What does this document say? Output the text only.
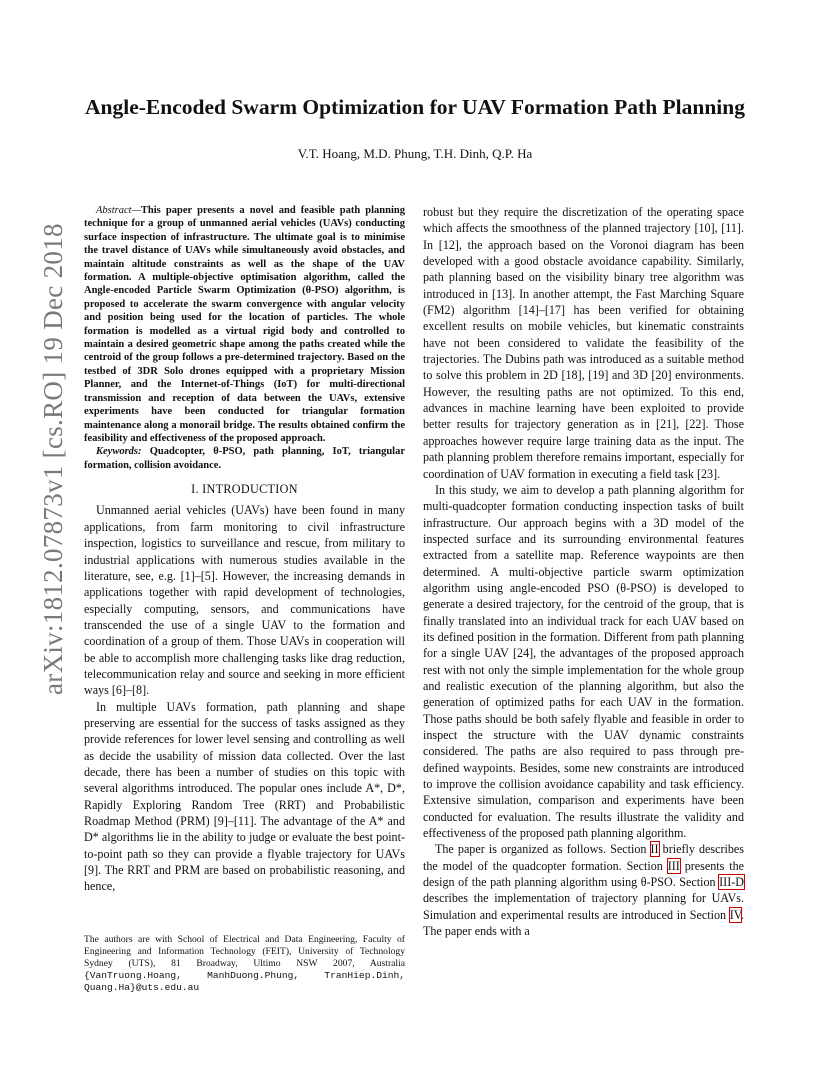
arXiv:1812.07873v1 [cs.RO] 19 Dec 2018
Angle-Encoded Swarm Optimization for UAV Formation Path Planning
V.T. Hoang, M.D. Phung, T.H. Dinh, Q.P. Ha

Abstract—This paper presents a novel and feasible path planning technique for a group of unmanned aerial vehicles (UAVs) conducting surface inspection of infrastructure. The ultimate goal is to minimise the travel distance of UAVs while simultaneously avoid obstacles, and maintain altitude constraints as well as the shape of the UAV formation. A multiple-objective optimisation algorithm, called the Angle-encoded Particle Swarm Optimization (θ-PSO) algorithm, is proposed to accelerate the swarm convergence with angular velocity and position being used for the location of particles. The whole formation is modelled as a virtual rigid body and controlled to maintain a desired geometric shape among the paths created while the centroid of the group follows a pre-determined trajectory. Based on the testbed of 3DR Solo drones equipped with a proprietary Mission Planner, and the Internet-of-Things (IoT) for multi-directional transmission and reception of data between the UAVs, extensive experiments have been conducted for triangular formation maintenance along a monorail bridge. The results obtained confirm the feasibility and effectiveness of the proposed approach.

Keywords: Quadcopter, θ-PSO, path planning, IoT, triangular formation, collision avoidance.

I. INTRODUCTION

Unmanned aerial vehicles (UAVs) have been found in many applications, from farm monitoring to civil infrastructure inspection, logistics to surveillance and rescue, from military to industrial applications with numerous studies available in the literature, see, e.g. [1]–[5]. However, the increasing demands in applications together with rapid development of technologies, especially computing, sensors, and communications have transcended the use of a single UAV to the formation and coordination of a group of them. Those UAVs in cooperation will be able to accomplish more challenging tasks like drag reduction, telecommunication relay and source and seeking in more efficient ways [6]–[8].

In multiple UAVs formation, path planning and shape preserving are essential for the success of tasks assigned as they provide references for lower level sensing and controlling as well as decide the usability of mission data collected. Over the last decade, there has been a number of studies on this topic with several algorithms introduced. The popular ones include A*, D*, Rapidly Exploring Random Tree (RRT) and Probabilistic Roadmap Method (PRM) [9]–[11]. The advantage of the A* and D* algorithms lie in the ability to judge or evaluate the best point-to-point path so they can provide a flyable trajectory for UAVs [9]. The RRT and PRM are based on probabilistic reasoning, and hence,

robust but they require the discretization of the operating space which affects the smoothness of the planned trajectory [10], [11]. In [12], the approach based on the Voronoi diagram has been developed with a good obstacle avoidance capability. Similarly, path planning based on the visibility binary tree algorithm was introduced in [13]. In another attempt, the Fast Marching Square (FM2) algorithm [14]–[17] has been verified for obtaining excellent results on mobile vehicles, but kinematic constraints have not been considered to validate the feasibility of the trajectories. The Dubins path was introduced as a suitable method to solve this problem in 2D [18], [19] and 3D [20] environments. However, the resulting paths are not optimized. To this end, advances in machine learning have been exploited to provide better results for trajectory generation as in [21], [22]. Those approaches however require large training data as the input. The path planning problem therefore remains important, especially for coordination of UAV formation in executing a field task [23].

In this study, we aim to develop a path planning algorithm for multi-quadcopter formation conducting inspection tasks of built infrastructure. Our approach begins with a 3D model of the inspected surface and its surrounding environmental features extracted from a satellite map. Reference waypoints are then determined. A multi-objective particle swarm optimization algorithm using angle-encoded PSO (θ-PSO) is developed to generate a desired trajectory, for the centroid of the group, that is finally translated into an individual track for each UAV based on its defined position in the formation. Different from path planning for a single UAV [24], the advantages of the proposed approach rest with not only the simple implementation for the whole group and realistic execution of the planning algorithm, but also the generation of optimized paths for each UAV in the formation. Those paths should be both safely flyable and feasible in order to inspect the structure with the UAV dynamic constraints considered. The paths are also required to pass through pre-defined waypoints. Besides, some new constraints are introduced to improve the collision avoidance capability and task efficiency. Extensive simulation, comparison and experiments have been conducted for evaluation. The results illustrate the validity and effectiveness of the proposed path planning algorithm.

The paper is organized as follows. Section II briefly describes the model of the quadcopter formation. Section III presents the design of the path planning algorithm using θ-PSO. Section III-D describes the implementation of trajectory planning for UAVs. Simulation and experimental results are introduced in Section IV. The paper ends with a

The authors are with School of Electrical and Data Engineering, Faculty of Engineering and Information Technology (FEIT), University of Technology Sydney (UTS), 81 Broadway, Ultimo NSW 2007, Australia {VanTruong.Hoang, ManhDuong.Phung, TranHiep.Dinh, Quang.Ha}@uts.edu.au
